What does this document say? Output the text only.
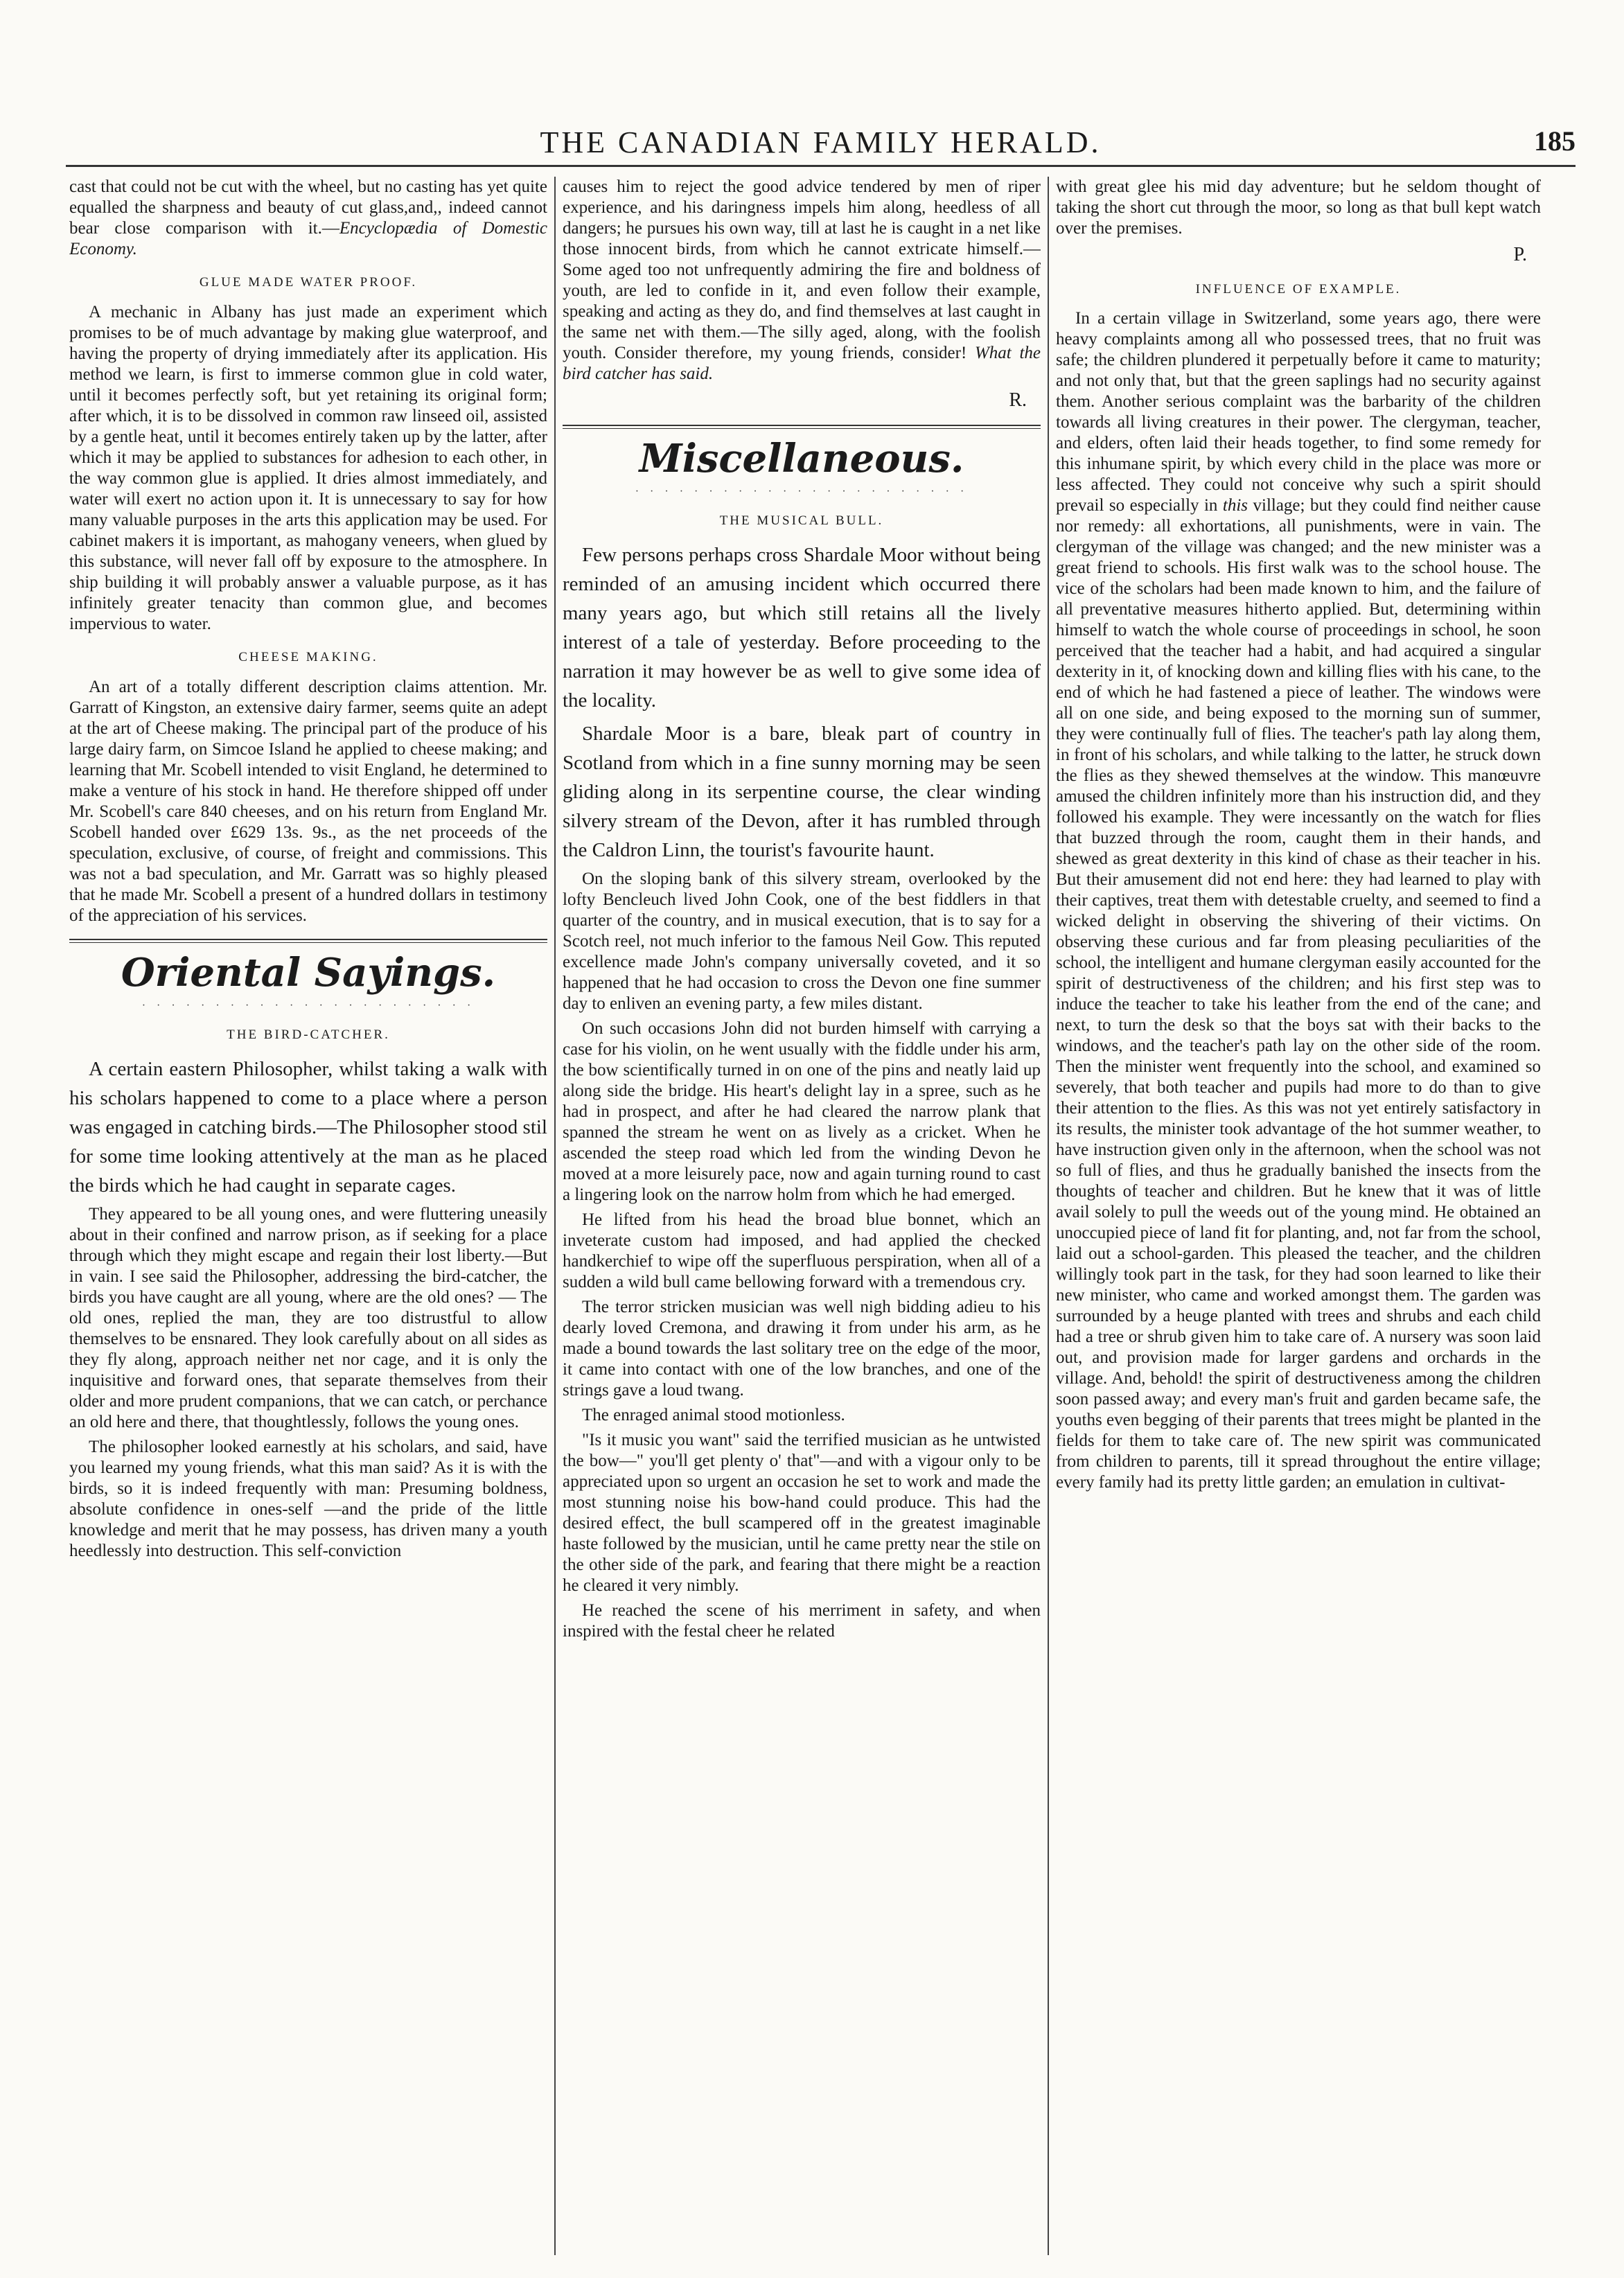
THE CANADIAN FAMILY HERALD.	185

cast that could not be cut with the wheel, but no casting has yet quite equalled the sharpness and beauty of cut glass,and,, indeed cannot bear close comparison with it.—Encyclopædia of Domestic Economy.

GLUE MADE WATER PROOF.

A mechanic in Albany has just made an experiment which promises to be of much advantage by making glue waterproof, and having the property of drying immediately after its application. His method we learn, is first to immerse common glue in cold water, until it becomes perfectly soft, but yet retaining its original form; after which, it is to be dissolved in common raw linseed oil, assisted by a gentle heat, until it becomes entirely taken up by the latter, after which it may be applied to substances for adhesion to each other, in the way common glue is applied. It dries almost immediately, and water will exert no action upon it. It is unnecessary to say for how many valuable purposes in the arts this application may be used. For cabinet makers it is important, as mahogany veneers, when glued by this substance, will never fall off by exposure to the atmosphere. In ship building it will probably answer a valuable purpose, as it has infinitely greater tenacity than common glue, and becomes impervious to water.

CHEESE MAKING.

An art of a totally different description claims attention. Mr. Garratt of Kingston, an extensive dairy farmer, seems quite an adept at the art of Cheese making. The principal part of the produce of his large dairy farm, on Simcoe Island he applied to cheese making; and learning that Mr. Scobell intended to visit England, he determined to make a venture of his stock in hand. He therefore shipped off under Mr. Scobell's care 840 cheeses, and on his return from England Mr. Scobell handed over £629 13s. 9s., as the net proceeds of the speculation, exclusive, of course, of freight and commissions. This was not a bad speculation, and Mr. Garratt was so highly pleased that he made Mr. Scobell a present of a hundred dollars in testimony of the appreciation of his services.

Oriental Sayings.
· · · · · · · · · · · · · · · · · · · · · · ·
THE BIRD-CATCHER.

A certain eastern Philosopher, whilst taking a walk with his scholars happened to come to a place where a person was engaged in catching birds.—The Philosopher stood stil for some time looking attentively at the man as he placed the birds which he had caught in separate cages.

They appeared to be all young ones, and were fluttering uneasily about in their confined and narrow prison, as if seeking for a place through which they might escape and regain their lost liberty.—But in vain. I see said the Philosopher, addressing the bird-catcher, the birds you have caught are all young, where are the old ones? — The old ones, replied the man, they are too distrustful to allow themselves to be ensnared. They look carefully about on all sides as they fly along, approach neither net nor cage, and it is only the inquisitive and forward ones, that separate themselves from their older and more prudent companions, that we can catch, or perchance an old here and there, that thoughtlessly, follows the young ones.

The philosopher looked earnestly at his scholars, and said, have you learned my young friends, what this man said? As it is with the birds, so it is indeed frequently with man: Presuming boldness, absolute confidence in ones-self —and the pride of the little knowledge and merit that he may possess, has driven many a youth heedlessly into destruction. This self-conviction

causes him to reject the good advice tendered by men of riper experience, and his daringness impels him along, heedless of all dangers; he pursues his own way, till at last he is caught in a net like those innocent birds, from which he cannot extricate himself.—Some aged too not unfrequently admiring the fire and boldness of youth, are led to confide in it, and even follow their example, speaking and acting as they do, and find themselves at last caught in the same net with them.—The silly aged, along, with the foolish youth. Consider therefore, my young friends, consider! What the bird catcher has said.

R.
Miscellaneous.
· · · · · · · · · · · · · · · · · · · · · · ·
THE MUSICAL BULL.

Few persons perhaps cross Shardale Moor without being reminded of an amusing incident which occurred there many years ago, but which still retains all the lively interest of a tale of yesterday. Before proceeding to the narration it may however be as well to give some idea of the locality.

Shardale Moor is a bare, bleak part of country in Scotland from which in a fine sunny morning may be seen gliding along in its serpentine course, the clear winding silvery stream of the Devon, after it has rumbled through the Caldron Linn, the tourist's favourite haunt.

On the sloping bank of this silvery stream, overlooked by the lofty Bencleuch lived John Cook, one of the best fiddlers in that quarter of the country, and in musical execution, that is to say for a Scotch reel, not much inferior to the famous Neil Gow. This reputed excellence made John's company universally coveted, and it so happened that he had occasion to cross the Devon one fine summer day to enliven an evening party, a few miles distant.

On such occasions John did not burden himself with carrying a case for his violin, on he went usually with the fiddle under his arm, the bow scientifically turned in on one of the pins and neatly laid up along side the bridge. His heart's delight lay in a spree, such as he had in prospect, and after he had cleared the narrow plank that spanned the stream he went on as lively as a cricket. When he ascended the steep road which led from the winding Devon he moved at a more leisurely pace, now and again turning round to cast a lingering look on the narrow holm from which he had emerged.

He lifted from his head the broad blue bonnet, which an inveterate custom had imposed, and had applied the checked handkerchief to wipe off the superfluous perspiration, when all of a sudden a wild bull came bellowing forward with a tremendous cry.

The terror stricken musician was well nigh bidding adieu to his dearly loved Cremona, and drawing it from under his arm, as he made a bound towards the last solitary tree on the edge of the moor, it came into contact with one of the low branches, and one of the strings gave a loud twang.

The enraged animal stood motionless.

"Is it music you want" said the terrified musician as he untwisted the bow—" you'll get plenty o' that"—and with a vigour only to be appreciated upon so urgent an occasion he set to work and made the most stunning noise his bow-hand could produce. This had the desired effect, the bull scampered off in the greatest imaginable haste followed by the musician, until he came pretty near the stile on the other side of the park, and fearing that there might be a reaction he cleared it very nimbly.

He reached the scene of his merriment in safety, and when inspired with the festal cheer he related

with great glee his mid day adventure; but he seldom thought of taking the short cut through the moor, so long as that bull kept watch over the premises.

P.
INFLUENCE OF EXAMPLE.

In a certain village in Switzerland, some years ago, there were heavy complaints among all who possessed trees, that no fruit was safe; the children plundered it perpetually before it came to maturity; and not only that, but that the green saplings had no security against them. Another serious complaint was the barbarity of the children towards all living creatures in their power. The clergyman, teacher, and elders, often laid their heads together, to find some remedy for this inhumane spirit, by which every child in the place was more or less affected. They could not conceive why such a spirit should prevail so especially in this village; but they could find neither cause nor remedy: all exhortations, all punishments, were in vain. The clergyman of the village was changed; and the new minister was a great friend to schools. His first walk was to the school house. The vice of the scholars had been made known to him, and the failure of all preventative measures hitherto applied. But, determining within himself to watch the whole course of proceedings in school, he soon perceived that the teacher had a habit, and had acquired a singular dexterity in it, of knocking down and killing flies with his cane, to the end of which he had fastened a piece of leather. The windows were all on one side, and being exposed to the morning sun of summer, they were continually full of flies. The teacher's path lay along them, in front of his scholars, and while talking to the latter, he struck down the flies as they shewed themselves at the window. This manœuvre amused the children infinitely more than his instruction did, and they followed his example. They were incessantly on the watch for flies that buzzed through the room, caught them in their hands, and shewed as great dexterity in this kind of chase as their teacher in his. But their amusement did not end here: they had learned to play with their captives, treat them with detestable cruelty, and seemed to find a wicked delight in observing the shivering of their victims. On observing these curious and far from pleasing peculiarities of the school, the intelligent and humane clergyman easily accounted for the spirit of destructiveness of the children; and his first step was to induce the teacher to take his leather from the end of the cane; and next, to turn the desk so that the boys sat with their backs to the windows, and the teacher's path lay on the other side of the room. Then the minister went frequently into the school, and examined so severely, that both teacher and pupils had more to do than to give their attention to the flies. As this was not yet entirely satisfactory in its results, the minister took advantage of the hot summer weather, to have instruction given only in the afternoon, when the school was not so full of flies, and thus he gradually banished the insects from the thoughts of teacher and children. But he knew that it was of little avail solely to pull the weeds out of the young mind. He obtained an unoccupied piece of land fit for planting, and, not far from the school, laid out a school-garden. This pleased the teacher, and the children willingly took part in the task, for they had soon learned to like their new minister, who came and worked amongst them. The garden was surrounded by a heuge planted with trees and shrubs and each child had a tree or shrub given him to take care of. A nursery was soon laid out, and provision made for larger gardens and orchards in the village. And, behold! the spirit of destructiveness among the children soon passed away; and every man's fruit and garden became safe, the youths even begging of their parents that trees might be planted in the fields for them to take care of. The new spirit was communicated from children to parents, till it spread throughout the entire village; every family had its pretty little garden; an emulation in cultivat-
